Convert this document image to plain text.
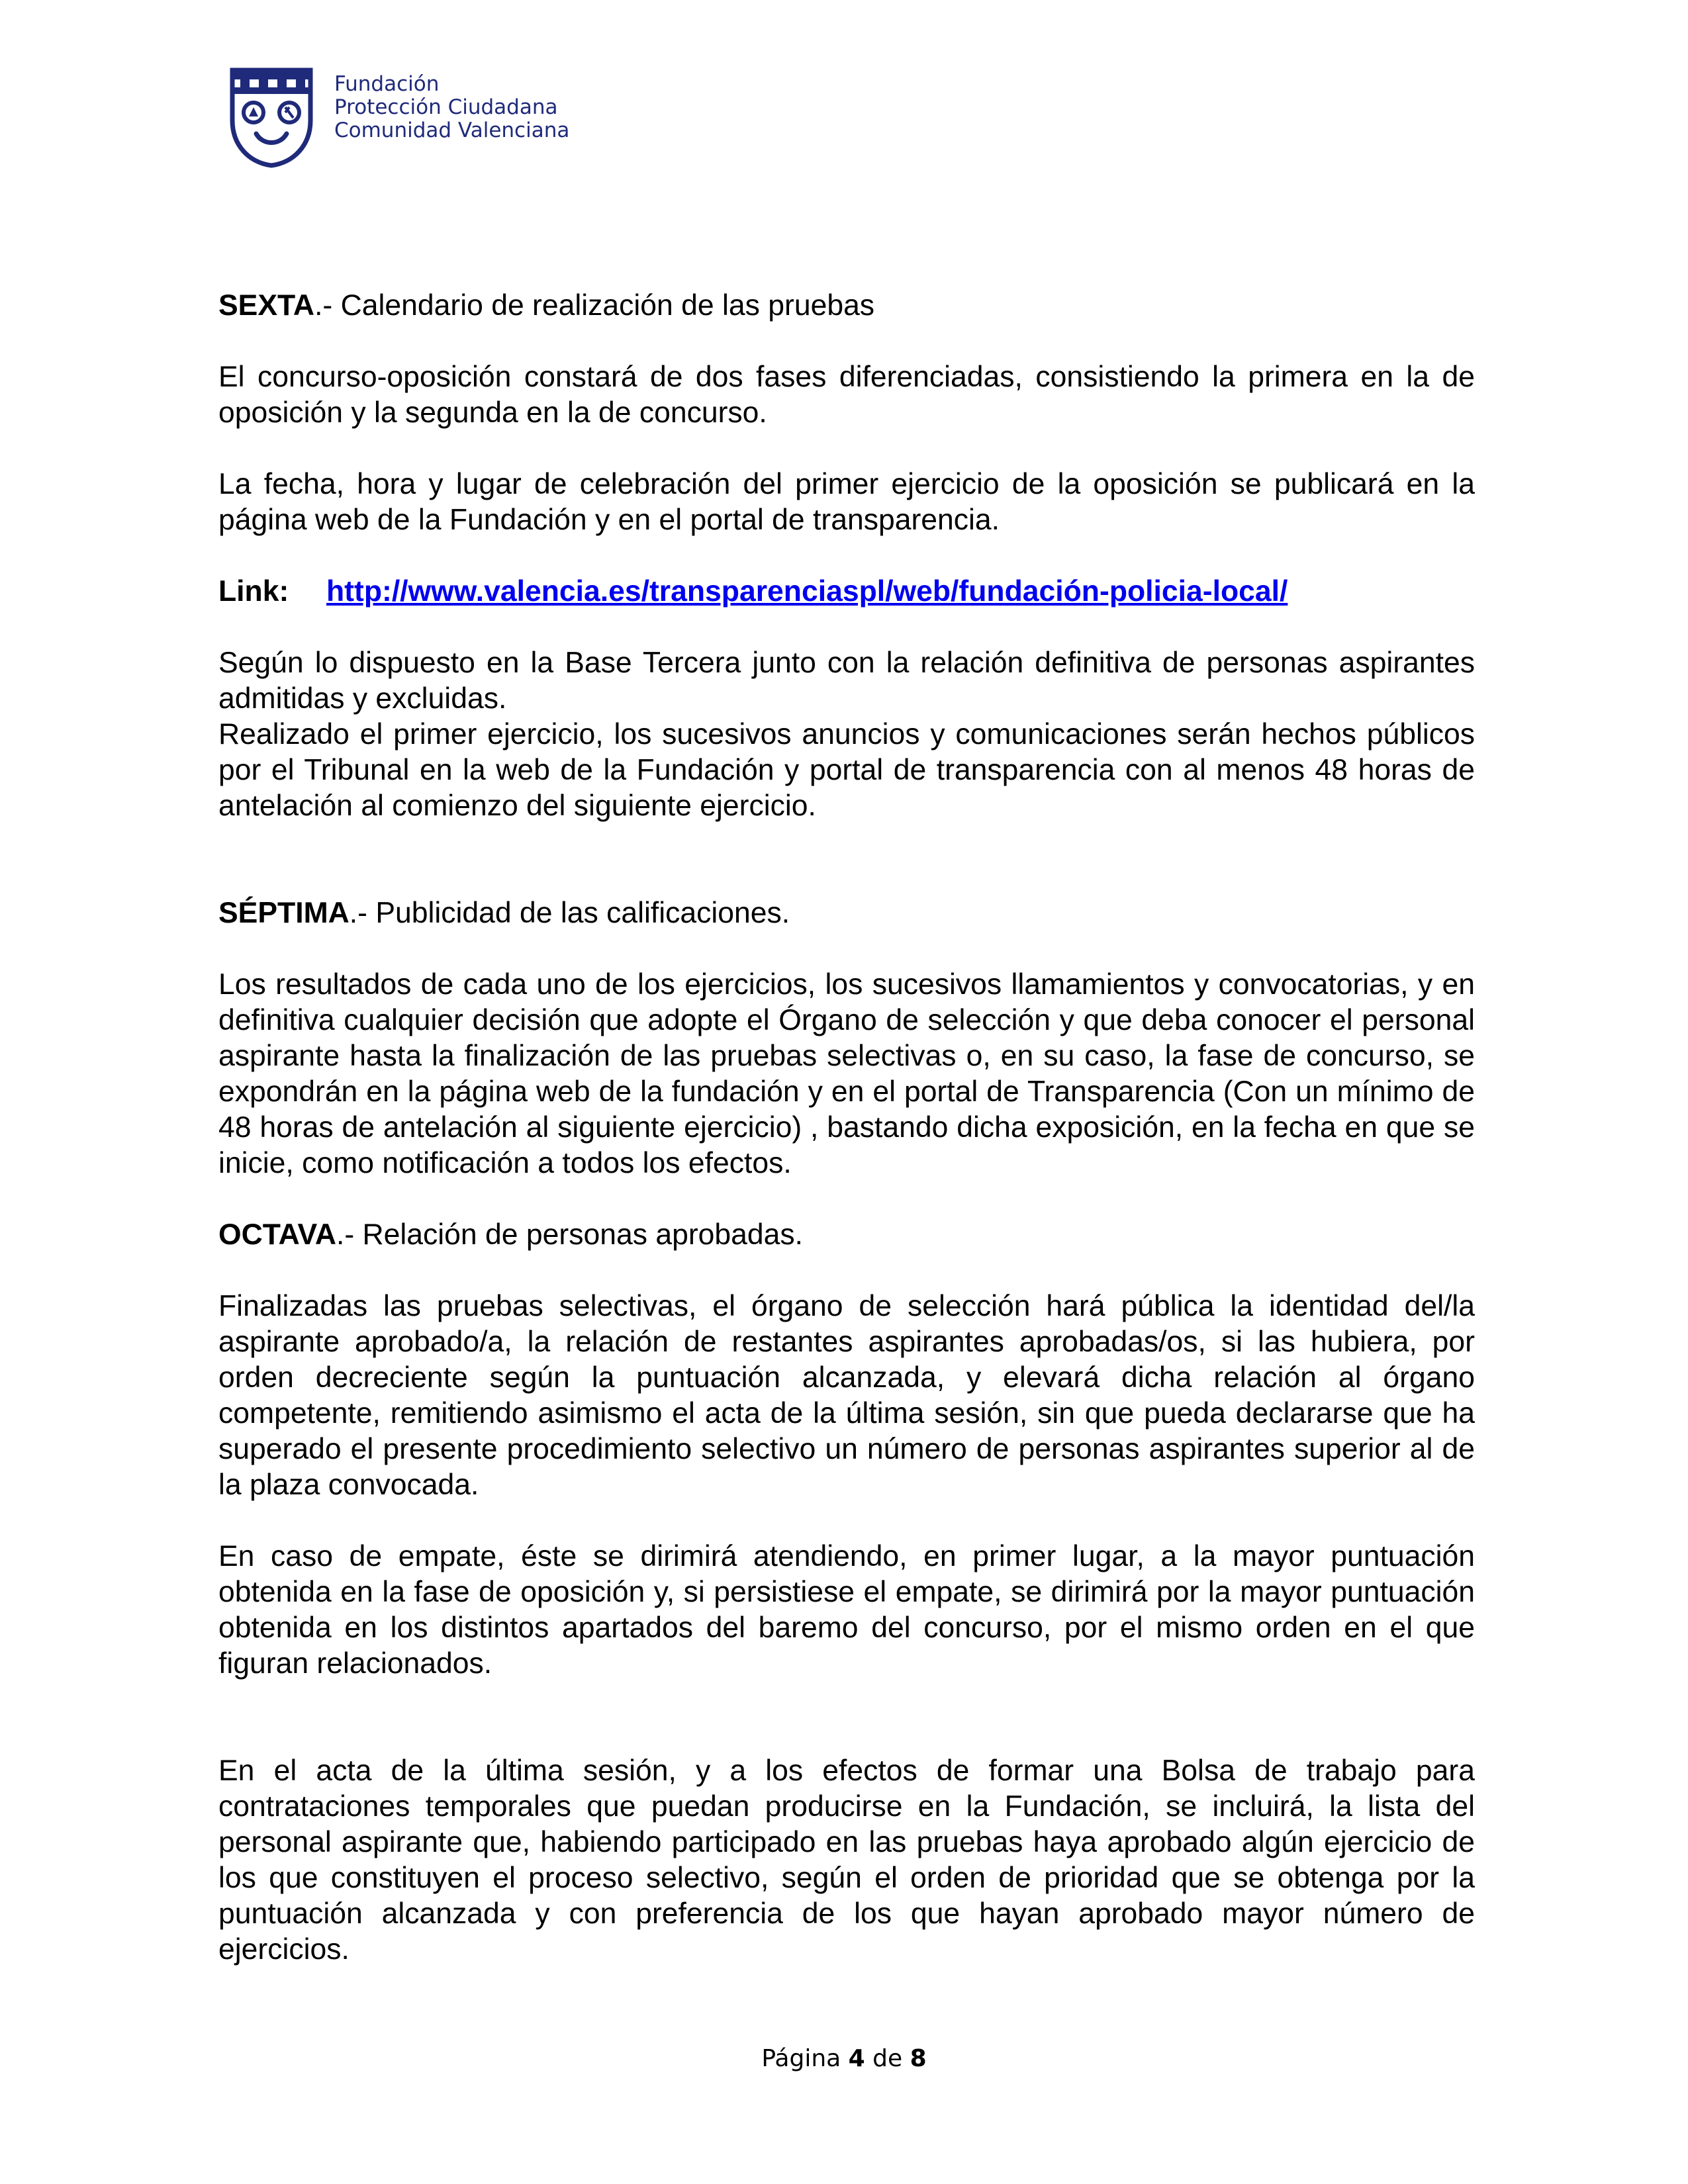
Fundación
Protección Ciudadana
Comunidad Valenciana

SEXTA.- Calendario de realización de las pruebas

El concurso-oposición constará de dos fases diferenciadas, consistiendo la primera en la de oposición y la segunda en la de concurso.

La fecha, hora y lugar de celebración del primer ejercicio de la oposición se publicará en la página web de la Fundación y en el portal de transparencia.

Link:	http://www.valencia.es/transparenciaspl/web/fundación-policia-local/

Según lo dispuesto en la Base Tercera junto con la relación definitiva de personas aspirantes admitidas y excluidas.

Realizado el primer ejercicio, los sucesivos anuncios y comunicaciones serán hechos públicos por el Tribunal en la web de la Fundación y portal de transparencia con al menos 48 horas de antelación al comienzo del siguiente ejercicio.

SÉPTIMA.- Publicidad de las calificaciones.

Los resultados de cada uno de los ejercicios, los sucesivos llamamientos y convocatorias, y en definitiva cualquier decisión que adopte el Órgano de selección y que deba conocer el personal aspirante hasta la finalización de las pruebas selectivas o, en su caso, la fase de concurso, se expondrán en la página web de la fundación y en el portal de Transparencia (Con un mínimo de 48 horas de antelación al siguiente ejercicio) , bastando dicha exposición, en la fecha en que se inicie, como notificación a todos los efectos.

OCTAVA.- Relación de personas aprobadas.

Finalizadas las pruebas selectivas, el órgano de selección hará pública la identidad del/la aspirante aprobado/a, la relación de restantes aspirantes aprobadas/os, si las hubiera, por orden decreciente según la puntuación alcanzada, y elevará dicha relación al órgano competente, remitiendo asimismo el acta de la última sesión, sin que pueda declararse que ha superado el presente procedimiento selectivo un número de personas aspirantes superior al de la plaza convocada.

En caso de empate, éste se dirimirá atendiendo, en primer lugar, a la mayor puntuación obtenida en la fase de oposición y, si persistiese el empate, se dirimirá por la mayor puntuación obtenida en los distintos apartados del baremo del concurso, por el mismo orden en el que figuran relacionados.

En el acta de la última sesión, y a los efectos de formar una Bolsa de trabajo para contrataciones temporales que puedan producirse en la Fundación, se incluirá, la lista del personal aspirante que, habiendo participado en las pruebas haya aprobado algún ejercicio de los que constituyen el proceso selectivo, según el orden de prioridad que se obtenga por la puntuación alcanzada y con preferencia de los que hayan aprobado mayor número de ejercicios.

Página 4 de 8
